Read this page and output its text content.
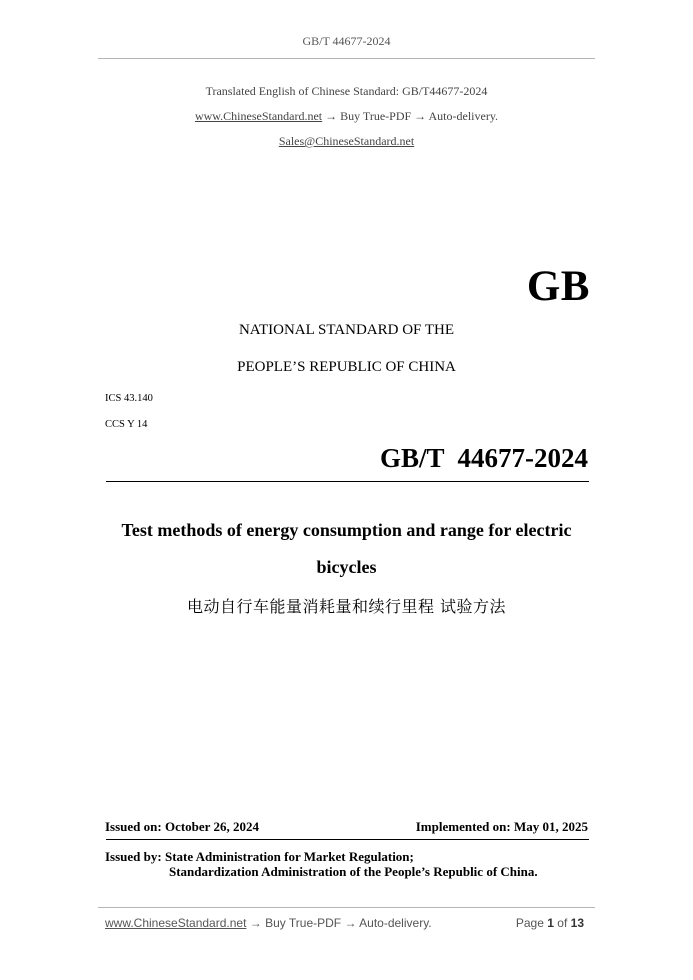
GB/T 44677-2024
Translated English of Chinese Standard: GB/T44677-2024
www.ChineseStandard.net → Buy True-PDF → Auto-delivery.
Sales@ChineseStandard.net
GB
NATIONAL STANDARD OF THE
PEOPLE’S REPUBLIC OF CHINA
ICS 43.140
CCS Y 14
GB/T  44677-2024
Test methods of energy consumption and range for electric
bicycles
电动自行车能量消耗量和续行里程 试验方法
Issued on: October 26, 2024	Implemented on: May 01, 2025
Issued by: State Administration for Market Regulation;
Standardization Administration of the People’s Republic of China.
www.ChineseStandard.net → Buy True-PDF → Auto-delivery.	Page 1 of 13
